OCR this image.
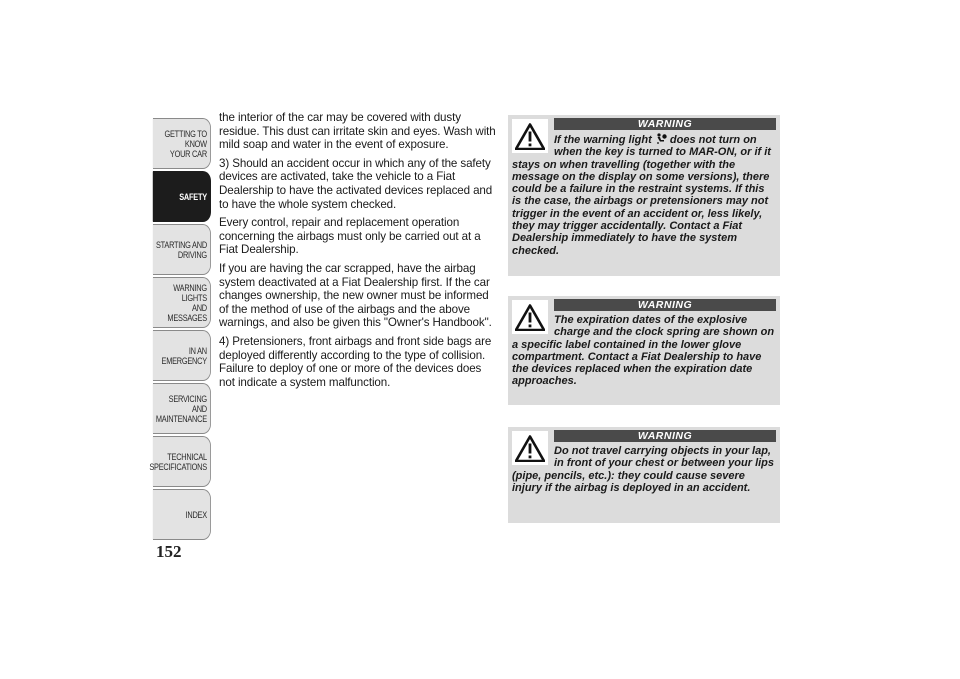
GETTING TO KNOW
YOUR CAR
SAFETY
STARTING AND
DRIVING
WARNING LIGHTS
AND MESSAGES
IN AN EMERGENCY
SERVICING AND
MAINTENANCE
TECHNICAL
SPECIFICATIONS
INDEX
152

the interior of the car may be covered with dusty residue. This dust can irritate skin and eyes. Wash with mild soap and water in the event of exposure.

3) Should an accident occur in which any of the safety devices are activated, take the vehicle to a Fiat Dealership to have the activated devices replaced and to have the whole system checked.

Every control, repair and replacement operation concerning the airbags must only be carried out at a Fiat Dealership.

If you are having the car scrapped, have the airbag system deactivated at a Fiat Dealership first. If the car changes ownership, the new owner must be informed of the method of use of the airbags and the above warnings, and also be given this "Owner's Handbook".

4) Pretensioners, front airbags and front side bags are deployed differently according to the type of collision. Failure to deploy of one or more of the devices does not indicate a system malfunction.

WARNING

If the warning light  does not turn on when the key is turned to MAR-ON, or if it stays on when travelling (together with the message on the display on some versions), there could be a failure in the restraint systems. If this is the case, the airbags or pretensioners may not trigger in the event of an accident or, less likely, they may trigger accidentally. Contact a Fiat Dealership immediately to have the system checked.

WARNING

The expiration dates of the explosive charge and the clock spring are shown on a specific label contained in the lower glove compartment. Contact a Fiat Dealership to have the devices replaced when the expiration date approaches.

WARNING

Do not travel carrying objects in your lap, in front of your chest or between your lips (pipe, pencils, etc.): they could cause severe injury if the airbag is deployed in an accident.
